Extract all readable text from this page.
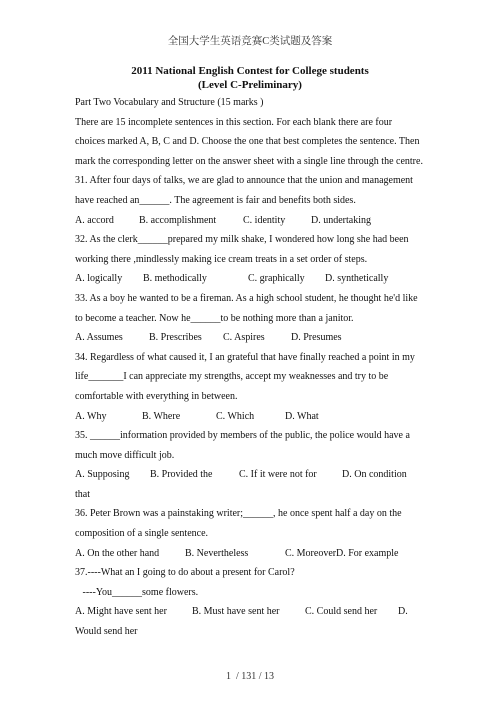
全国大学生英语竞赛C类试题及答案
2011 National English Contest for College students
(Level C-Preliminary)

Part Two Vocabulary and Structure (15 marks )

There are 15 incomplete sentences in this section. For each blank there are four

choices marked A, B, C and D. Choose the one that best completes the sentence. Then

mark the corresponding letter on the answer sheet with a single line through the centre.

31. After four days of talks, we are glad to announce that the union and management

have reached an______. The agreement is fair and benefits both sides.

A. accord	B. accomplishment	C. identity	D. undertaking

32. As the clerk______prepared my milk shake, I wondered how long she had been

working there ,mindlessly making ice cream treats in a set order of steps.

A. logically	B. methodically	C. graphically	D. synthetically

33. As a boy he wanted to be a fireman. As a high school student, he thought he'd like

to become a teacher. Now he______to be nothing more than a janitor.

A. Assumes	B. Prescribes	C. Aspires	D. Presumes

34. Regardless of what caused it, I an grateful that have finally reached a point in my

life_______I can appreciate my strengths, accept my weaknesses and try to be

comfortable with everything in between.

A. Why	B. Where	C. Which	D. What

35. ______information provided by members of the public, the police would have a

much move difficult job.

A. Supposing	B. Provided the	C. If it were not for	D. On condition

that

36. Peter Brown was a painstaking writer;______, he once spent half a day on the

composition of a single sentence.

A. On the other hand	B. Nevertheless	C. Moreover D. For example

37.----What an I going to do about a present for Carol?

----You______some flowers.

A. Might have sent her	B. Must have sent her	C. Could send her	D.

Would send her

1  / 131 / 13
